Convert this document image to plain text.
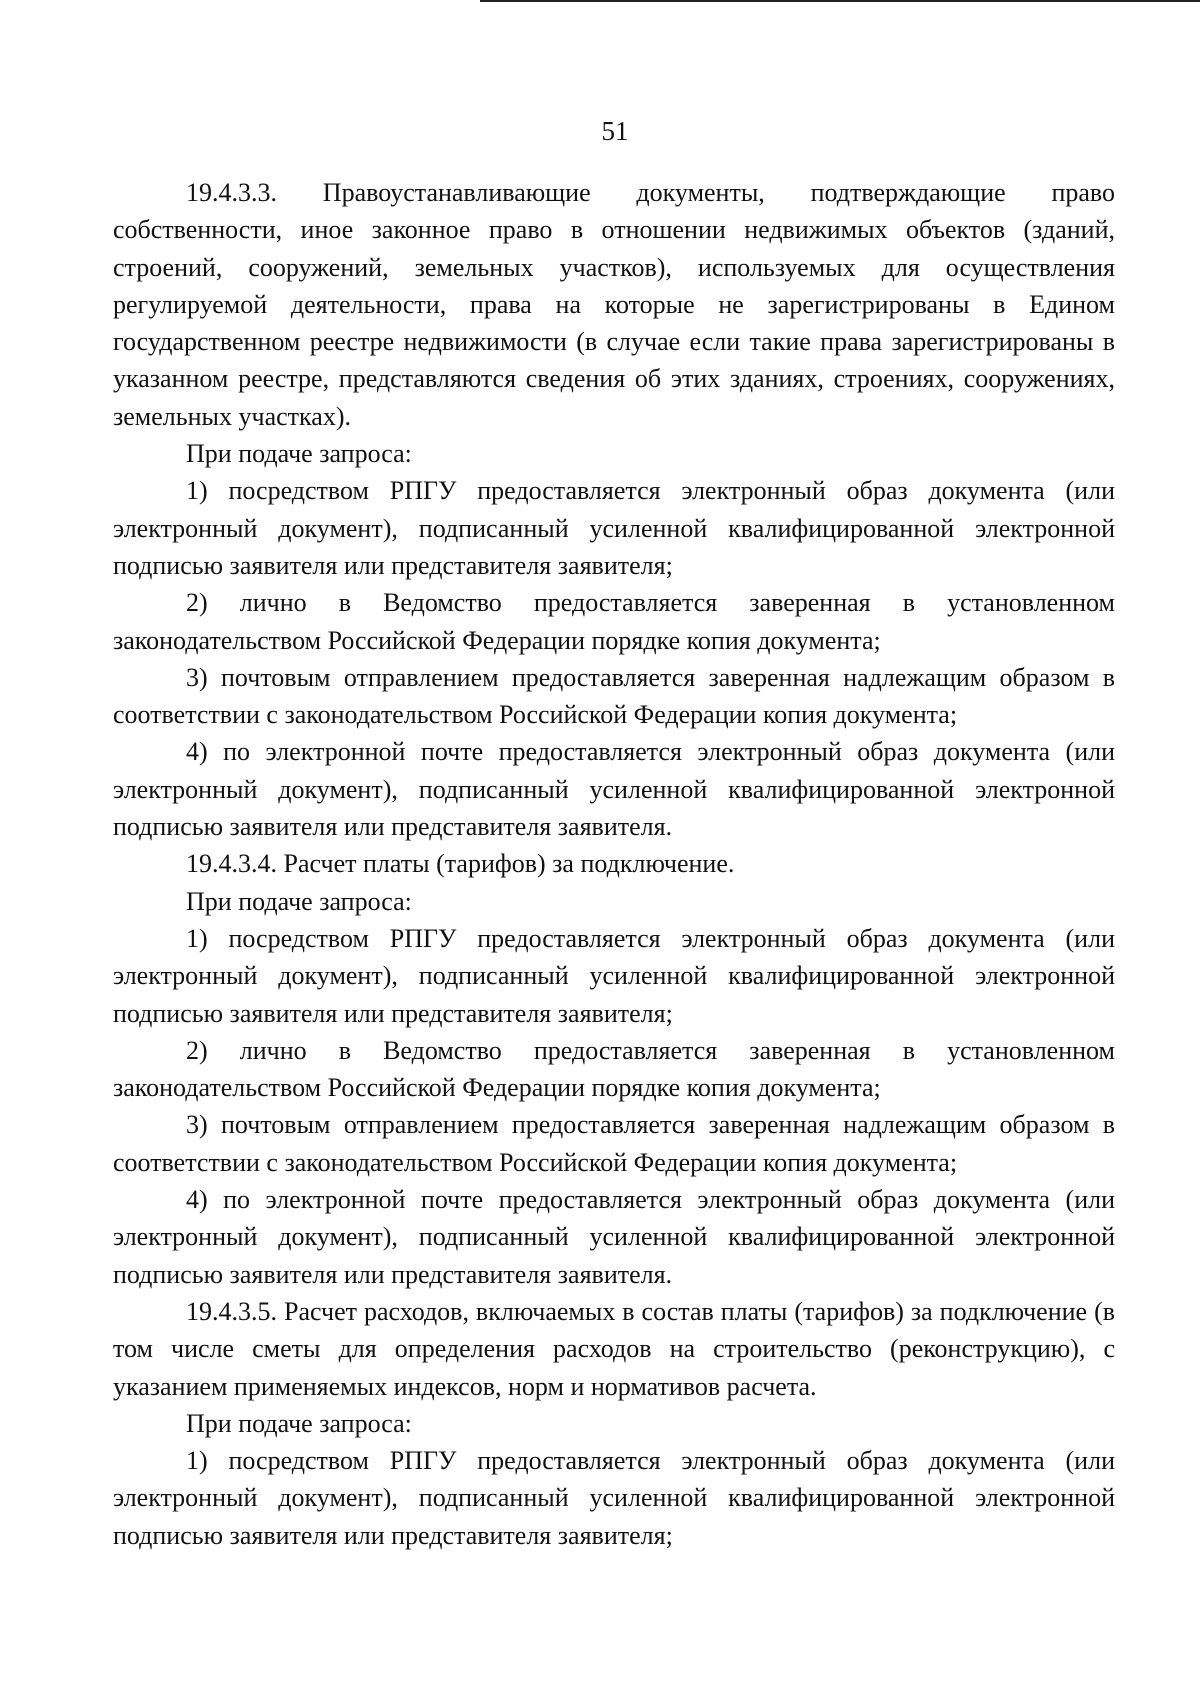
51

19.4.3.3. Правоустанавливающие документы, подтверждающие право собственности, иное законное право в отношении недвижимых объектов (зданий, строений, сооружений, земельных участков), используемых для осуществления регулируемой деятельности, права на которые не зарегистрированы в Едином государственном реестре недвижимости (в случае если такие права зарегистрированы в указанном реестре, представляются сведения об этих зданиях, строениях, сооружениях, земельных участках).

При подаче запроса:

1) посредством РПГУ предоставляется электронный образ документа (или электронный документ), подписанный усиленной квалифицированной электронной подписью заявителя или представителя заявителя;

2) лично в Ведомство предоставляется заверенная в установленном законодательством Российской Федерации порядке копия документа;

3) почтовым отправлением предоставляется заверенная надлежащим образом в соответствии с законодательством Российской Федерации копия документа;

4) по электронной почте предоставляется электронный образ документа (или электронный документ), подписанный усиленной квалифицированной электронной подписью заявителя или представителя заявителя.

19.4.3.4. Расчет платы (тарифов) за подключение.

При подаче запроса:

1) посредством РПГУ предоставляется электронный образ документа (или электронный документ), подписанный усиленной квалифицированной электронной подписью заявителя или представителя заявителя;

2) лично в Ведомство предоставляется заверенная в установленном законодательством Российской Федерации порядке копия документа;

3) почтовым отправлением предоставляется заверенная надлежащим образом в соответствии с законодательством Российской Федерации копия документа;

4) по электронной почте предоставляется электронный образ документа (или электронный документ), подписанный усиленной квалифицированной электронной подписью заявителя или представителя заявителя.

19.4.3.5. Расчет расходов, включаемых в состав платы (тарифов) за подключение (в том числе сметы для определения расходов на строительство (реконструкцию), с указанием применяемых индексов, норм и нормативов расчета.

При подаче запроса:

1) посредством РПГУ предоставляется электронный образ документа (или электронный документ), подписанный усиленной квалифицированной электронной подписью заявителя или представителя заявителя;
